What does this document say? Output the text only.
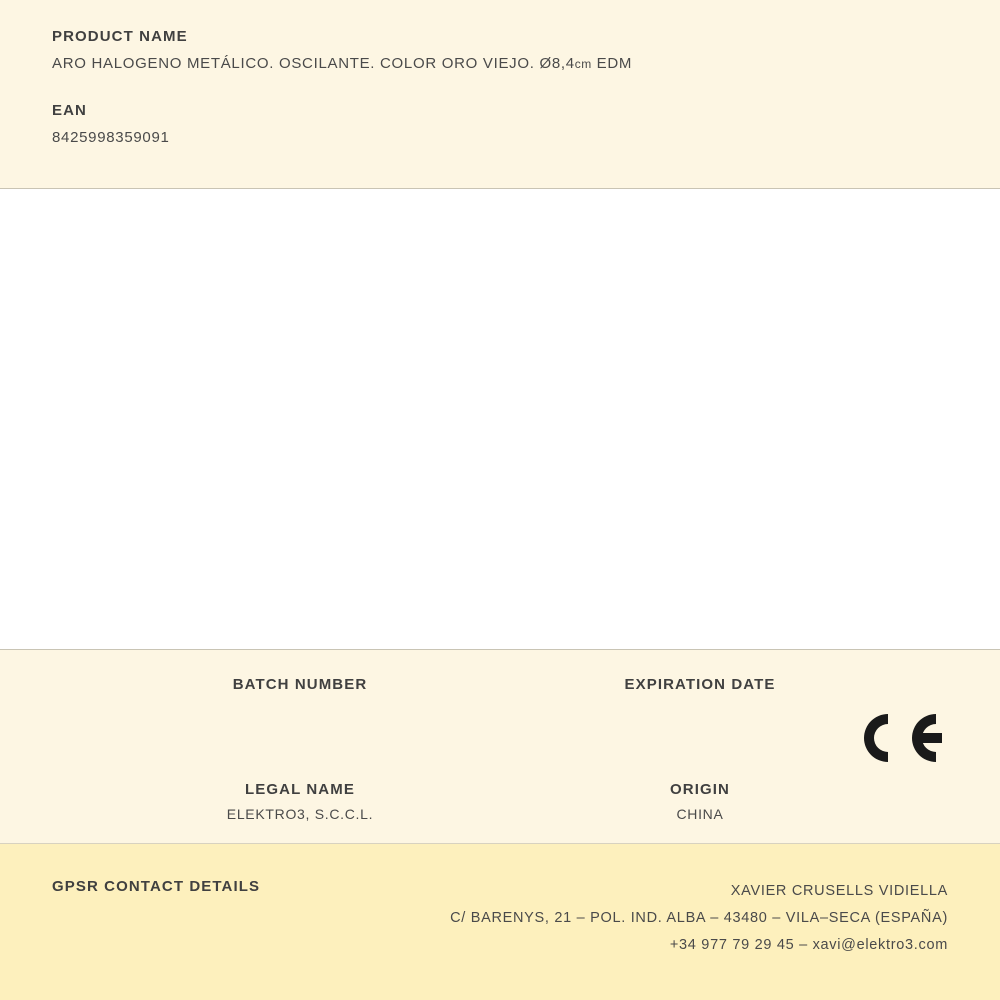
PRODUCT NAME

ARO HALOGENO METÁLICO. OSCILANTE. COLOR ORO VIEJO. Ø8,4cm EDM

EAN

8425998359091

BATCH NUMBER	EXPIRATION DATE

LEGAL NAME

ELEKTRO3, S.C.C.L.

ORIGIN

CHINA

GPSR CONTACT DETAILS	XAVIER CRUSELLS VIDIELLA
C/ BARENYS, 21 – POL. IND. ALBA – 43480 – VILA–SECA (ESPAÑA)
+34 977 79 29 45 – xavi@elektro3.com
